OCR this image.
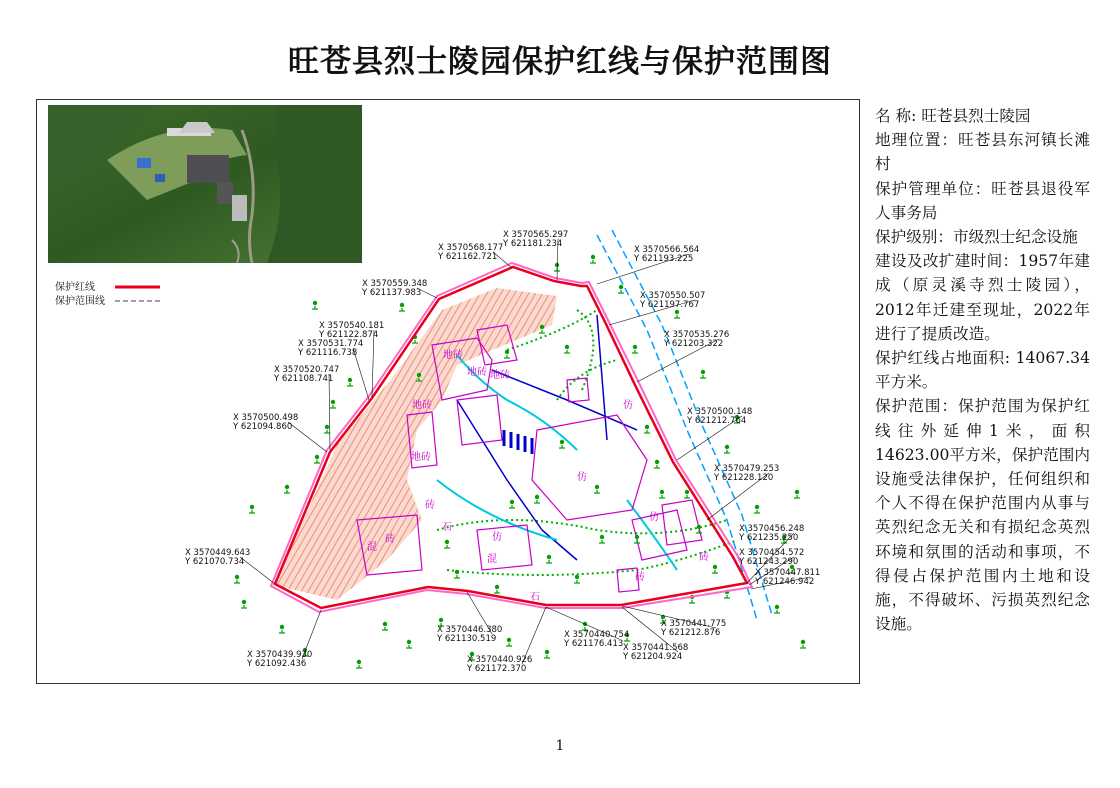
旺苍县烈士陵园保护红线与保护范围图
保护红线
保护范围线
地砖
地砖 地砖
地砖
地砖
仿
仿
砖
石
仿
混
砖
混
石
砖
仿
砖
X 3570568.177
Y 621162.721
X 3570565.297
Y 621181.234
X 3570566.564
Y 621193.225
X 3570559.348
Y 621137.983	X 3570550.507
Y 621197.767
X 3570540.181
Y 621122.874
X 3570531.774
Y 621116.738
X 3570535.276
Y 621203.322
X 3570520.747
Y 621108.741
X 3570500.498
Y 621094.860
X 3570500.148
Y 621212.764
X 3570479.253
Y 621228.120
X 3570456.248
Y 621235.250
X 3570449.643
Y 621070.734
X 3570454.572
Y 621243.290
X 3570447.811
Y 621246.942
X 3570446.380
Y 621130.519
X 3570441.775
Y 621212.876
X 3570440.754
Y 621176.413
X 3570439.930
Y 621092.436
X 3570441.568
Y 621204.924
X 3570440.926
Y 621172.370

名 称: 旺苍县烈士陵园

地理位置：旺苍县东河镇长滩村

保护管理单位：旺苍县退役军人事务局

保护级别：市级烈士纪念设施

建设及改扩建时间：1957年建成（原灵溪寺烈士陵园），2012年迁建至现址，2022年进行了提质改造。

保护红线占地面积: 14067.34平方米。

保护范围：保护范围为保护红线往外延伸1米，面积14623.00平方米，保护范围内设施受法律保护，任何组织和个人不得在保护范围内从事与英烈纪念无关和有损纪念英烈环境和氛围的活动和事项，不得侵占保护范围内土地和设施，不得破坏、污损英烈纪念设施。

1
